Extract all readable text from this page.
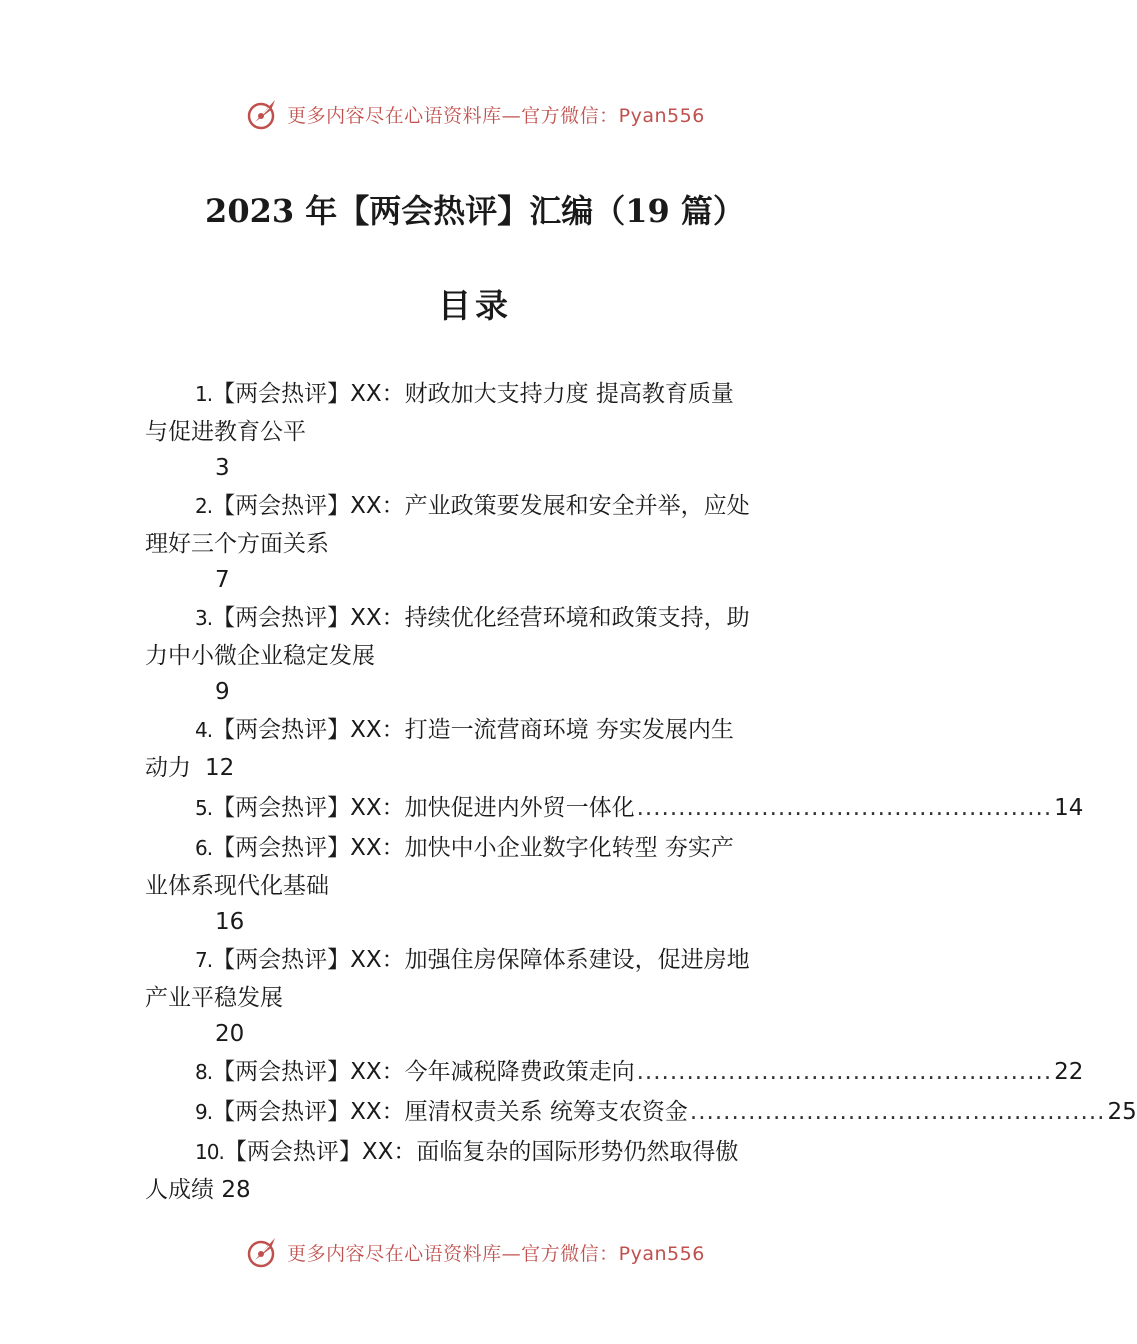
更多内容尽在心语资料库—官方微信：Pyan556
2023 年【两会热评】汇编（19 篇）
目录
1.【两会热评】XX：财政加大支持力度 提高教育质量
与促进教育公平
3
2.【两会热评】XX：产业政策要发展和安全并举，应处
理好三个方面关系
7
3.【两会热评】XX：持续优化经营环境和政策支持，助
力中小微企业稳定发展
9
4.【两会热评】XX：打造一流营商环境 夯实发展内生
动力 12
5. 【两会热评】XX：加快促进内外贸一体化 .................................................. 14
6.【两会热评】XX：加快中小企业数字化转型 夯实产
业体系现代化基础
16
7.【两会热评】XX：加强住房保障体系建设，促进房地
产业平稳发展
20
8. 【两会热评】XX：今年减税降费政策走向 .................................................. 22
9. 【两会热评】XX：厘清权责关系 统筹支农资金 .................................................. 25
10.【两会热评】XX：面临复杂的国际形势仍然取得傲
人成绩 28
更多内容尽在心语资料库—官方微信：Pyan556
